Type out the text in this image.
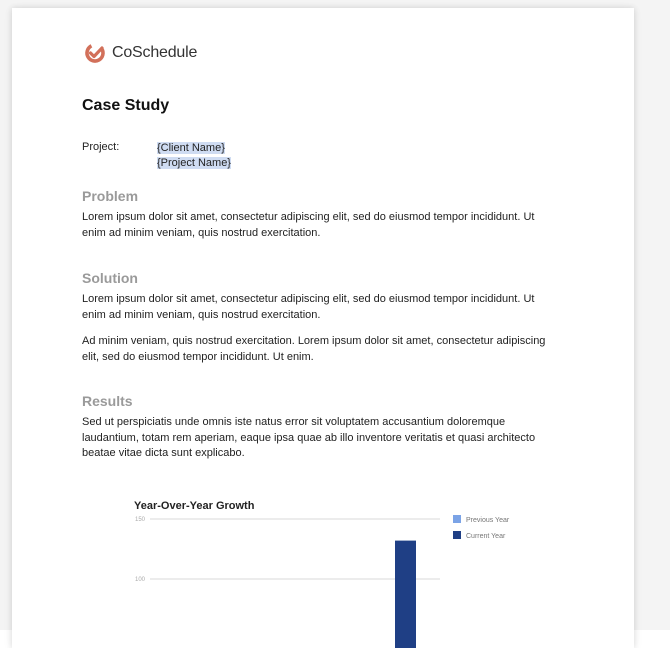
CoSchedule
Case Study
Project:	{Client Name}
{Project Name}
Problem

Lorem ipsum dolor sit amet, consectetur adipiscing elit, sed do eiusmod tempor incididunt. Ut enim ad minim veniam, quis nostrud exercitation.

Solution

Lorem ipsum dolor sit amet, consectetur adipiscing elit, sed do eiusmod tempor incididunt. Ut enim ad minim veniam, quis nostrud exercitation.

Ad minim veniam, quis nostrud exercitation. Lorem ipsum dolor sit amet, consectetur adipiscing elit, sed do eiusmod tempor incididunt. Ut enim.

Results

Sed ut perspiciatis unde omnis iste natus error sit voluptatem accusantium doloremque laudantium, totam rem aperiam, eaque ipsa quae ab illo inventore veritatis et quasi architecto beatae vitae dicta sunt explicabo.

Year-Over-Year Growth
150
100
Previous Year
Current Year
